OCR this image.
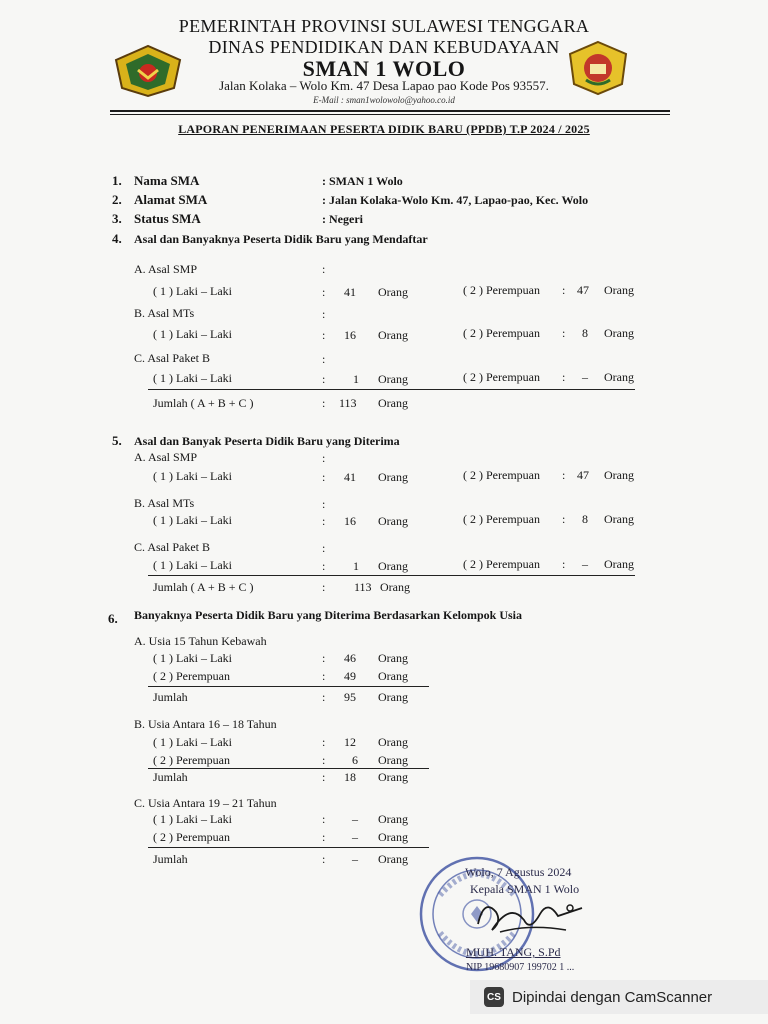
PEMERINTAH PROVINSI SULAWESI TENGGARA
DINAS PENDIDIKAN DAN KEBUDAYAAN
SMAN 1 WOLO
Jalan Kolaka – Wolo Km. 47 Desa Lapao pao Kode Pos 93557.
E-Mail : sman1wolowolo@yahoo.co.id
LAPORAN PENERIMAAN PESERTA DIDIK BARU (PPDB) T.P 2024 / 2025
1. Nama SMA	: SMAN 1 Wolo
2. Alamat SMA	: Jalan Kolaka-Wolo Km. 47, Lapao-pao, Kec. Wolo
3. Status SMA	: Negeri
4. Asal dan Banyaknya Peserta Didik Baru yang Mendaftar
A. Asal SMP	:
( 1 ) Laki – Laki	: 41 Orang	( 2 ) Perempuan : 47 Orang
B. Asal MTs	:
( 1 ) Laki – Laki	: 16 Orang	( 2 ) Perempuan : 8 Orang
C. Asal Paket B	:
( 1 ) Laki – Laki	: 1 Orang	( 2 ) Perempuan : – Orang
Jumlah ( A + B + C )	: 113 Orang
5. Asal dan Banyak Peserta Didik Baru yang Diterima
A. Asal SMP	:
( 1 ) Laki – Laki	: 41 Orang	( 2 ) Perempuan : 47 Orang
B. Asal MTs	:
( 1 ) Laki – Laki	: 16 Orang	( 2 ) Perempuan : 8 Orang
C. Asal Paket B	:
( 1 ) Laki – Laki	: 1 Orang	( 2 ) Perempuan : – Orang
Jumlah ( A + B + C )	: 113 Orang
6. Banyaknya Peserta Didik Baru yang Diterima Berdasarkan Kelompok Usia
A. Usia 15 Tahun Kebawah
( 1 ) Laki – Laki	: 46 Orang
( 2 ) Perempuan	: 49 Orang
Jumlah	: 95 Orang
B. Usia Antara 16 – 18 Tahun
( 1 ) Laki – Laki	: 12 Orang
( 2 ) Perempuan	: 6 Orang
Jumlah	: 18 Orang
C. Usia Antara 19 – 21 Tahun
( 1 ) Laki – Laki	: – Orang
( 2 ) Perempuan	: – Orang
Jumlah	: – Orang
Wolo, 7 Agustus 2024
Kepala SMAN 1 Wolo
MUH. TANG, S.Pd
NIP 19680907 199702 1 ...
CS Dipindai dengan CamScanner
